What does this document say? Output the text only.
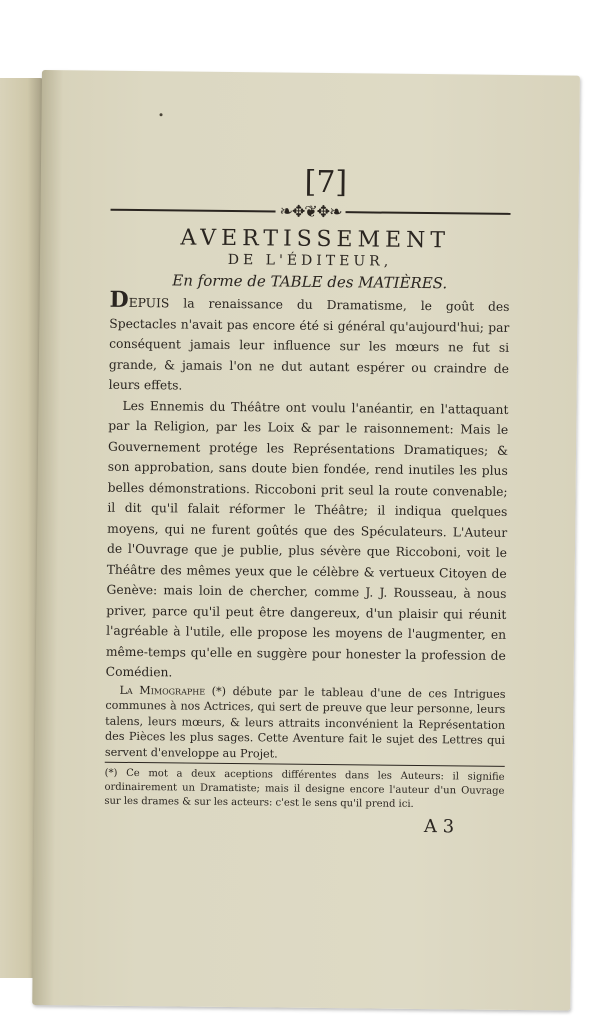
[7]
❧✥❦✥❧
AVERTISSEMENT
DE L'ÉDITEUR,
En forme de TABLE des MATIÈRES.
DEPUIS la renaissance du Dramatisme, le goût des Spectacles n'avait pas encore été si général qu'aujourd'hui; par conséquent jamais leur influence sur les mœurs ne fut si grande, & jamais l'on ne dut autant espérer ou craindre de leurs effets.
Les Ennemis du Théâtre ont voulu l'anéantir, en l'attaquant par la Religion, par les Loix & par le raisonnement: Mais le Gouvernement protége les Représentations Dramatiques; & son approbation, sans doute bien fondée, rend inutiles les plus belles démonstrations. Riccoboni prit seul la route convenable; il dit qu'il falait réformer le Théâtre; il indiqua quelques moyens, qui ne furent goûtés que des Spéculateurs. L'Auteur de l'Ouvrage que je publie, plus sévère que Riccoboni, voit le Théâtre des mêmes yeux que le célèbre & vertueux Citoyen de Genève: mais loin de chercher, comme J. J. Rousseau, à nous priver, parce qu'il peut être dangereux, d'un plaisir qui réunit l'agréable à l'utile, elle propose les moyens de l'augmenter, en même-temps qu'elle en suggère pour honester la profession de Comédien.
La Mimographe (*) débute par le tableau d'une de ces Intrigues communes à nos Actrices, qui sert de preuve que leur personne, leurs talens, leurs mœurs, & leurs attraits inconvénient la Représentation des Pièces les plus sages. Cette Aventure fait le sujet des Lettres qui servent d'enveloppe au Projet.
(*) Ce mot a deux aceptions différentes dans les Auteurs: il signifie ordinairement un Dramatiste; mais il designe encore l'auteur d'un Ouvrage sur les drames & sur les acteurs: c'est le sens qu'il prend ici.
A 3
